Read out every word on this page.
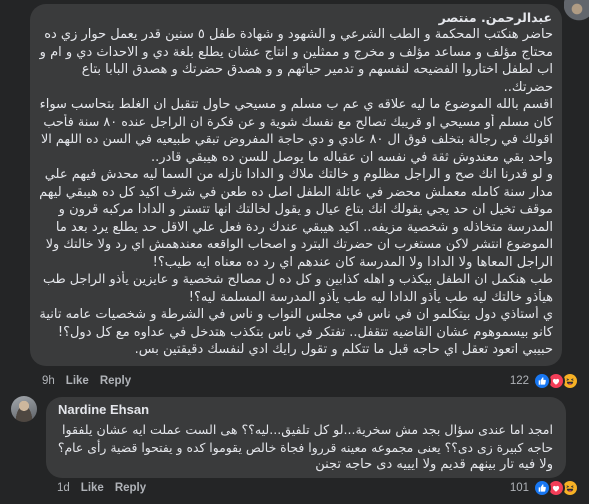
عبدالرحمن. منتصر
حاضر هنكتب المحكمة و الطب الشرعي و الشهود و شهادة طفل ٥ سنين قدر يعمل حوار زي ده
محتاج مؤلف و مساعد مؤلف و مخرج و ممثلين و انتاج عشان يطلع بلغة دي و الاحداث دي و ام و
اب لطفل اختاروا الفضيحه لنفسهم و تدمير حياتهم و و هصدق حضرتك و هصدق البابا بتاع
حضرتك..
اقسم بالله الموضوع ما ليه علاقه ي عم ب مسلم و مسيحي حاول تتقبل ان الغلط بتحاسب سواء
كان مسلم أو مسيحي او قريبك تصالح مع نفسك شوية و عن فكرة ان الراجل عنده ٨٠ سنة فأحب
اقولك في رجالة بتخلف فوق ال ٨٠ عادي و دي حاجة المفروض تبقي طبيعيه في السن ده اللهم الا
واحد بقي معندوش ثقة في نفسه ان عقباله ما يوصل للسن ده هيبقي قادر..
و لو قدرنا انك صح و الراجل مظلوم و خالتك ملاك و الدادا نازله من السما ليه محدش فيهم علي
مدار سنة كامله معملش محضر في عائلة الطفل اصل ده طعن في شرف اكيد كل ده هيبقي ليهم
موقف تخيل ان حد يجي يقولك انك بتاع عيال و يقول لخالتك انها تتستر و الدادا مركبه قرون و
المدرسة متخاذله و شخصية مزيفه.. اكيد هيبقي عندك ردة فعل علي الاقل حد يطلع يرد بعد ما
الموضوع انتشر لاكن مستغرب ان حضرتك البترد و اصحاب الواقعه معندهمش اي رد ولا خالتك ولا
الراجل المعاها ولا الدادا ولا المدرسة كان عندهم اي رد ده معناه ايه طيب؟!
طب هنكمل ان الطفل بيكذب و اهله كذابين و كل ده ل مصالح شخصية و عايزين يأذو الراجل طب
هيأذو خالتك ليه طب يأذو الدادا ليه طب يأذو المدرسة المسلمة ليه؟!
ي أستاذي دول بيتكلمو ان في ناس في مجلس النواب و ناس في الشرطة و شخصيات عامه تانية
كانو بيسموهوم عشان القاضيه تتقفل.. تفتكر في ناس بتكذب هتدخل في عداوه مع كل دول؟!
حبيبي اتعود تعقل اي حاجه قبل ما تتكلم و تقول رايك ادي لنفسك دقيقتين بس.
9h Like Reply	122
Nardine Ehsan
امجد اما عندى سؤال بجد مش سخرية...لو كل تلفيق...ليه؟؟ هى الست عملت ايه عشان يلفقوا
حاجه كبيرة زى دى؟؟ يعنى مجموعه معينه قرروا فجاة خالص يقوموا كده و يفتحوا قضية رأى عام؟
ولا فيه تار بينهم قديم ولا ايييه دى حاجه تجنن
1d Like Reply	101
